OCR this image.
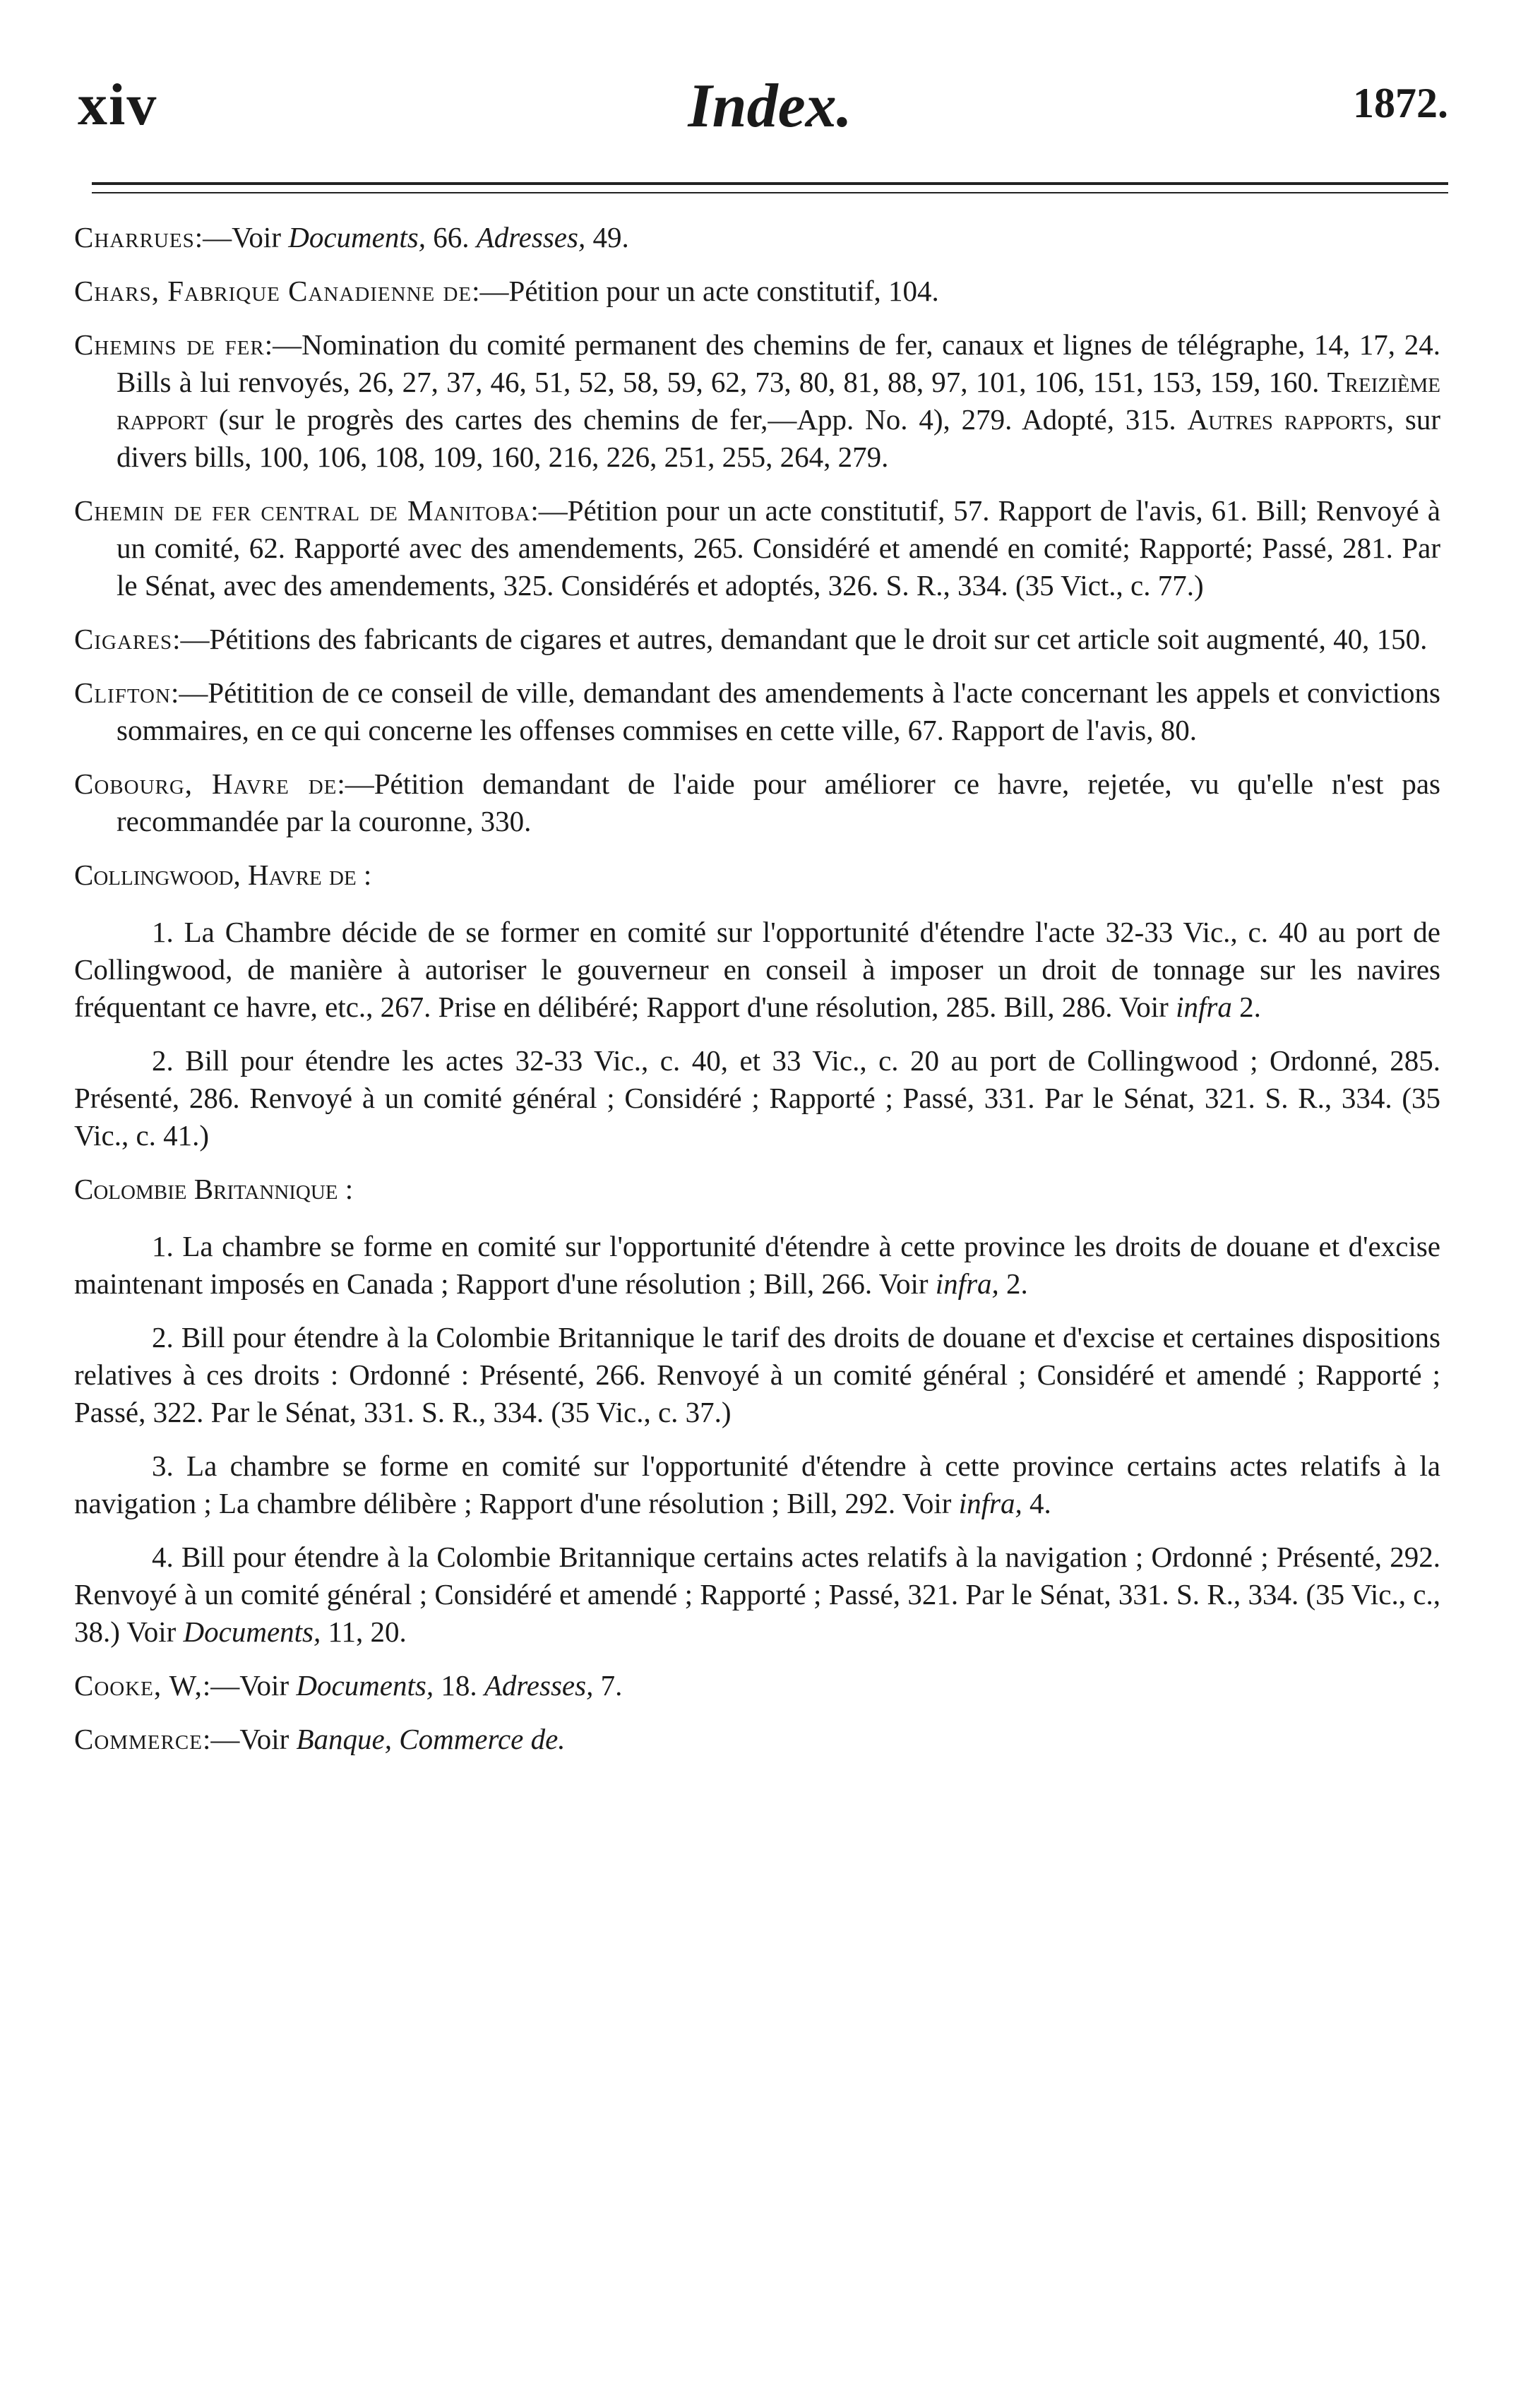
xiv	Index.	1872.

Charrues:—Voir Documents, 66. Adresses, 49.

Chars, Fabrique Canadienne de:—Pétition pour un acte constitutif, 104.

Chemins de fer:—Nomination du comité permanent des chemins de fer, canaux et lignes de télégraphe, 14, 17, 24. Bills à lui renvoyés, 26, 27, 37, 46, 51, 52, 58, 59, 62, 73, 80, 81, 88, 97, 101, 106, 151, 153, 159, 160. Treizième rapport (sur le progrès des cartes des chemins de fer,—App. No. 4), 279. Adopté, 315. Autres rapports, sur divers bills, 100, 106, 108, 109, 160, 216, 226, 251, 255, 264, 279.

Chemin de fer central de Manitoba:—Pétition pour un acte constitutif, 57. Rapport de l'avis, 61. Bill; Renvoyé à un comité, 62. Rapporté avec des amendements, 265. Considéré et amendé en comité; Rapporté; Passé, 281. Par le Sénat, avec des amendements, 325. Considérés et adoptés, 326. S. R., 334. (35 Vict., c. 77.)

Cigares:—Pétitions des fabricants de cigares et autres, demandant que le droit sur cet article soit augmenté, 40, 150.

Clifton:—Pétitition de ce conseil de ville, demandant des amendements à l'acte concernant les appels et convictions sommaires, en ce qui concerne les offenses commises en cette ville, 67. Rapport de l'avis, 80.

Cobourg, Havre de:—Pétition demandant de l'aide pour améliorer ce havre, rejetée, vu qu'elle n'est pas recommandée par la couronne, 330.

Collingwood, Havre de :

1. La Chambre décide de se former en comité sur l'opportunité d'étendre l'acte 32-33 Vic., c. 40 au port de Collingwood, de manière à autoriser le gouverneur en conseil à imposer un droit de tonnage sur les navires fréquentant ce havre, etc., 267. Prise en délibéré; Rapport d'une résolution, 285. Bill, 286. Voir infra 2.

2. Bill pour étendre les actes 32-33 Vic., c. 40, et 33 Vic., c. 20 au port de Collingwood ; Ordonné, 285. Présenté, 286. Renvoyé à un comité général ; Considéré ; Rapporté ; Passé, 331. Par le Sénat, 321. S. R., 334. (35 Vic., c. 41.)

Colombie Britannique :

1. La chambre se forme en comité sur l'opportunité d'étendre à cette province les droits de douane et d'excise maintenant imposés en Canada ; Rapport d'une résolution ; Bill, 266. Voir infra, 2.

2. Bill pour étendre à la Colombie Britannique le tarif des droits de douane et d'excise et certaines dispositions relatives à ces droits : Ordonné : Présenté, 266. Renvoyé à un comité général ; Considéré et amendé ; Rapporté ; Passé, 322. Par le Sénat, 331. S. R., 334. (35 Vic., c. 37.)

3. La chambre se forme en comité sur l'opportunité d'étendre à cette province certains actes relatifs à la navigation ; La chambre délibère ; Rapport d'une résolution ; Bill, 292. Voir infra, 4.

4. Bill pour étendre à la Colombie Britannique certains actes relatifs à la navigation ; Ordonné ; Présenté, 292. Renvoyé à un comité général ; Considéré et amendé ; Rapporté ; Passé, 321. Par le Sénat, 331. S. R., 334. (35 Vic., c., 38.) Voir Documents, 11, 20.

Cooke, W,:—Voir Documents, 18. Adresses, 7.

Commerce:—Voir Banque, Commerce de.
